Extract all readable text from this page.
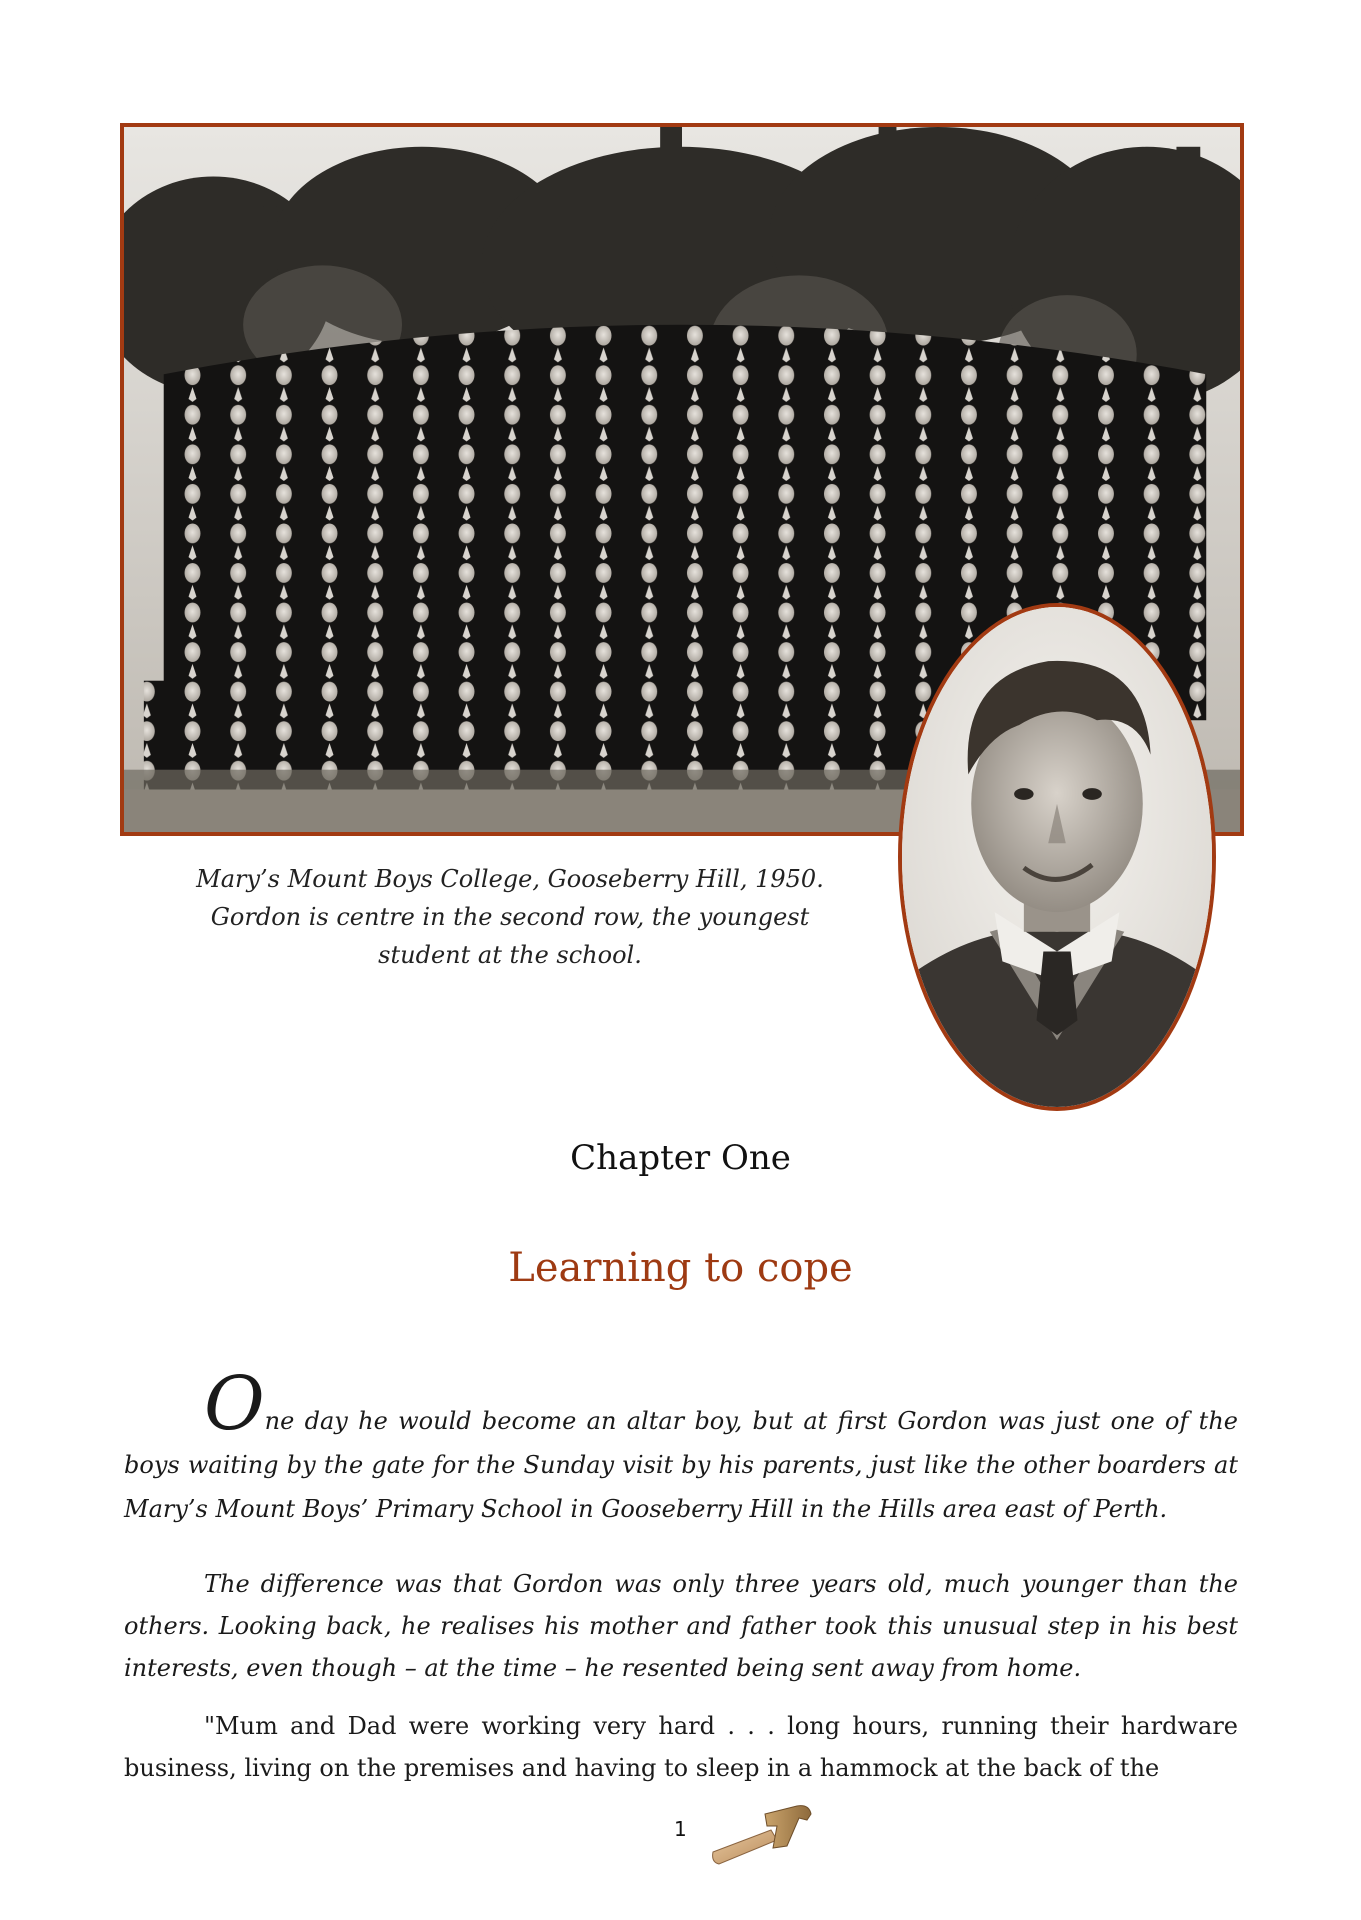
Mary’s Mount Boys College, Gooseberry Hill, 1950.
Gordon is centre in the second row, the youngest
student at the school.
Chapter One
Learning to cope

One day he would become an altar boy, but at first Gordon was just one of the boys waiting by the gate for the Sunday visit by his parents, just like the other boarders at Mary’s Mount Boys’ Primary School in Gooseberry Hill in the Hills area east of Perth.

The difference was that Gordon was only three years old, much younger than the others. Looking back, he realises his mother and father took this unusual step in his best interests, even though – at the time – he resented being sent away from home.

"Mum and Dad were working very hard . . . long hours, running their hardware business, living on the premises and having to sleep in a hammock at the back of the

1
